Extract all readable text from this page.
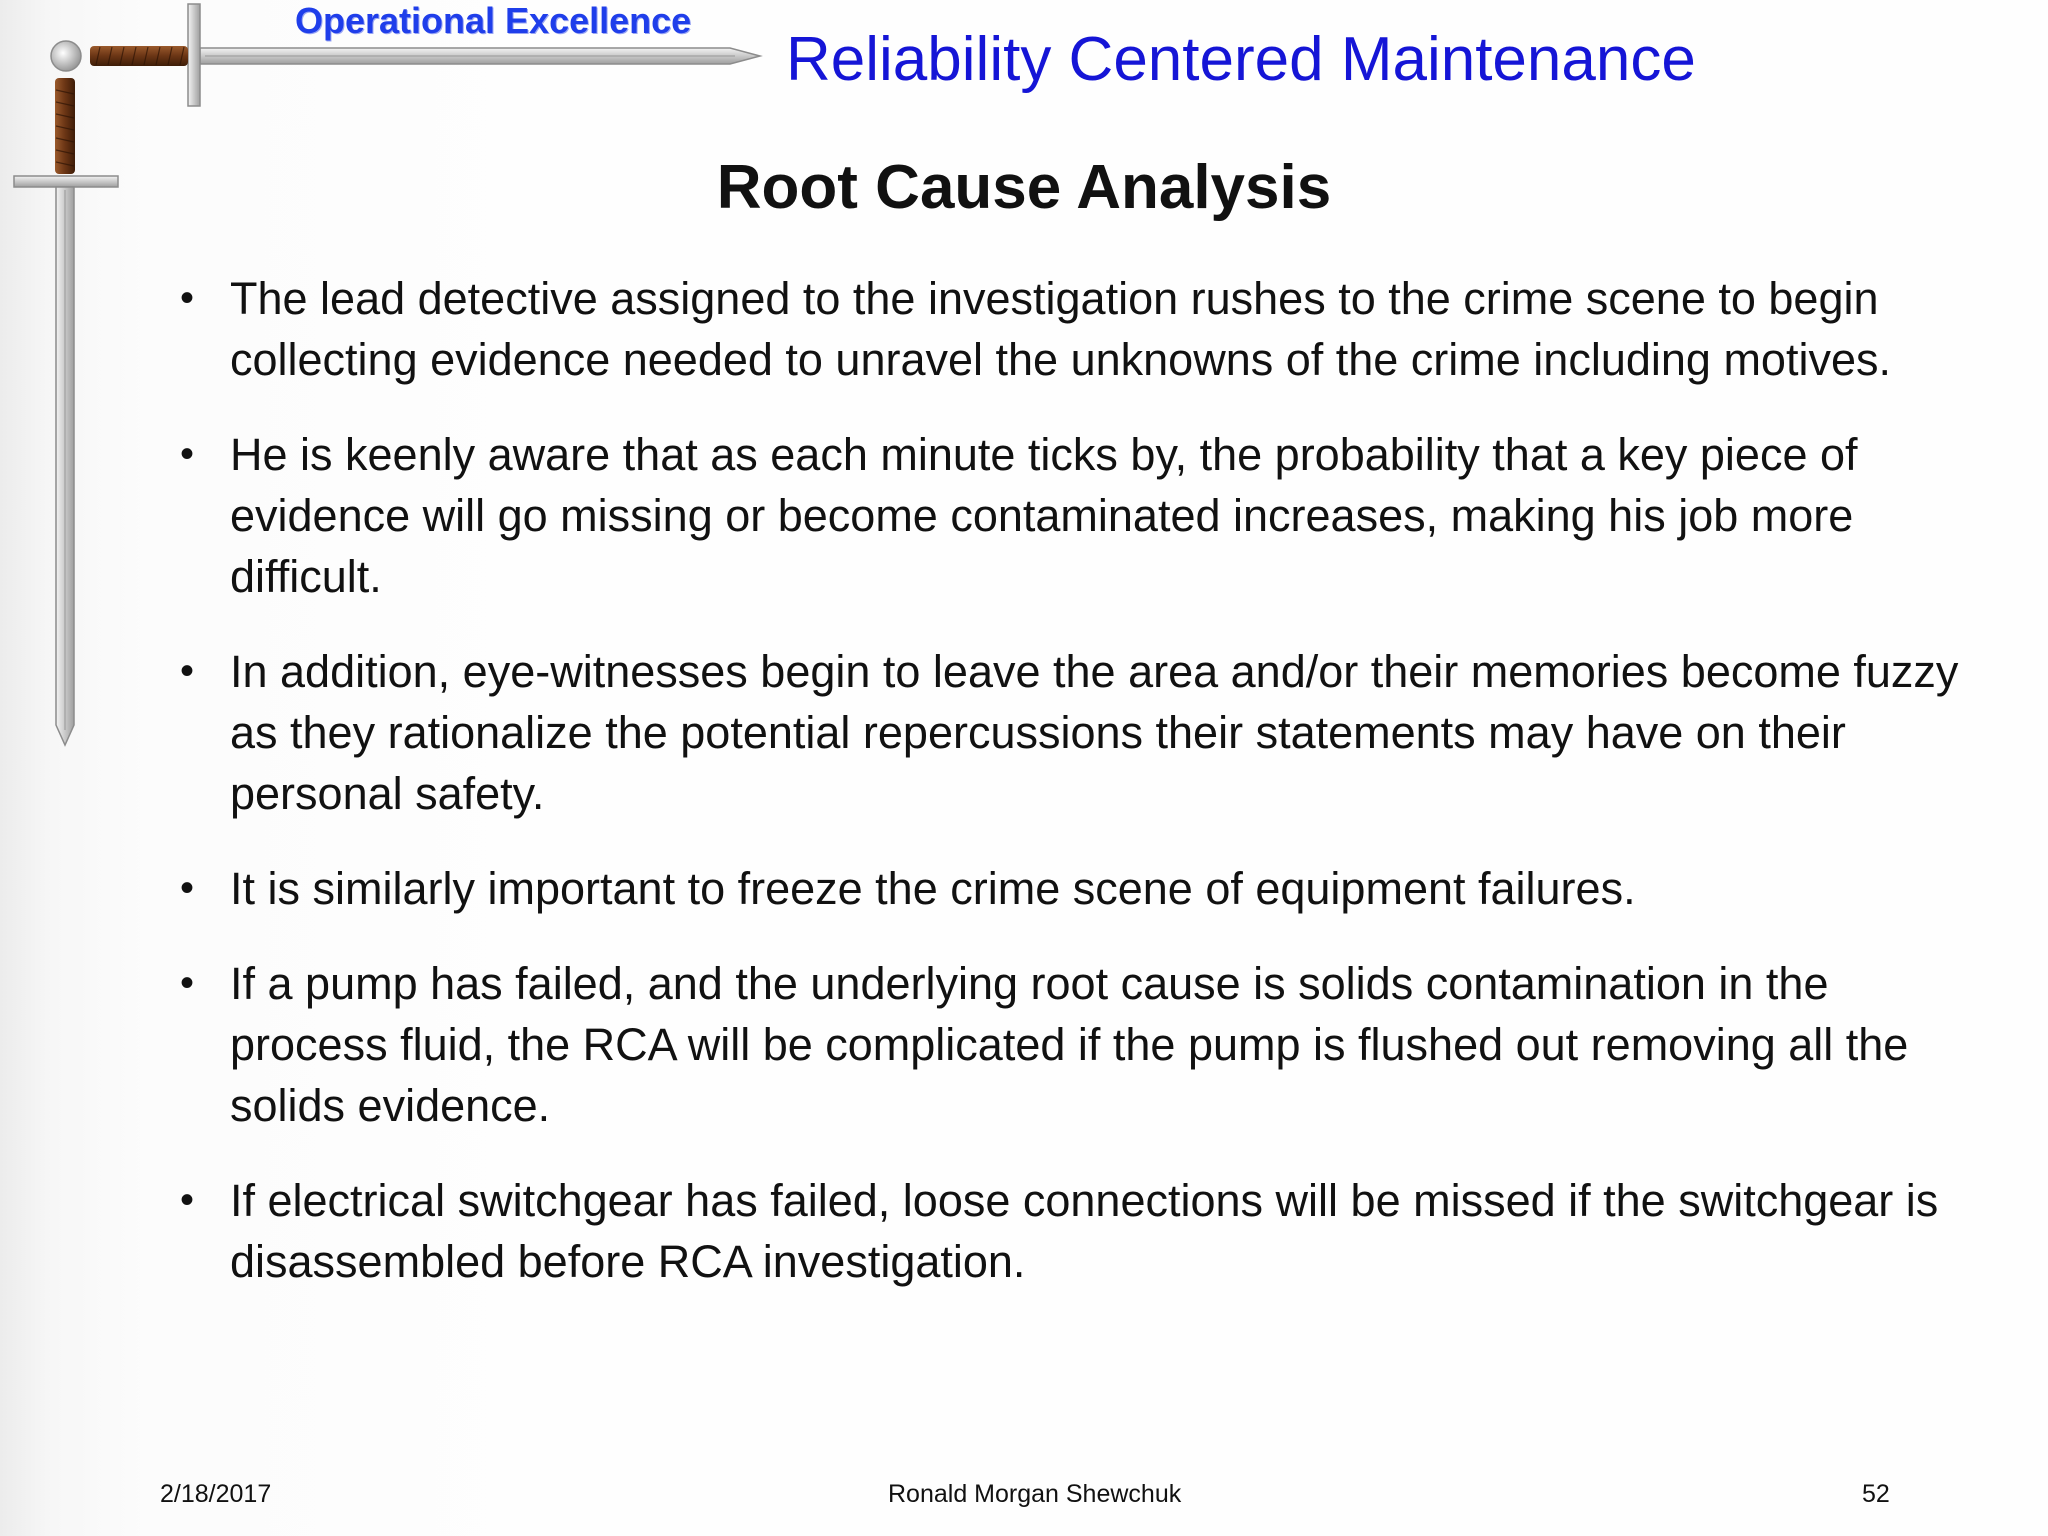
Operational Excellence
Reliability Centered Maintenance
Root Cause Analysis
• The lead detective assigned to the investigation rushes to the crime scene to begin collecting evidence needed to unravel the unknowns of the crime including motives.
• He is keenly aware that as each minute ticks by, the probability that a key piece of evidence will go missing or become contaminated increases, making his job more difficult.
• In addition, eye-witnesses begin to leave the area and/or their memories become fuzzy as they rationalize the potential repercussions their statements may have on their personal safety.
• It is similarly important to freeze the crime scene of equipment failures.
• If a pump has failed, and the underlying root cause is solids contamination in the process fluid, the RCA will be complicated if the pump is flushed out removing all the solids evidence.
• If electrical switchgear has failed, loose connections will be missed if the switchgear is disassembled before RCA investigation.
2/18/2017	Ronald Morgan Shewchuk	52
